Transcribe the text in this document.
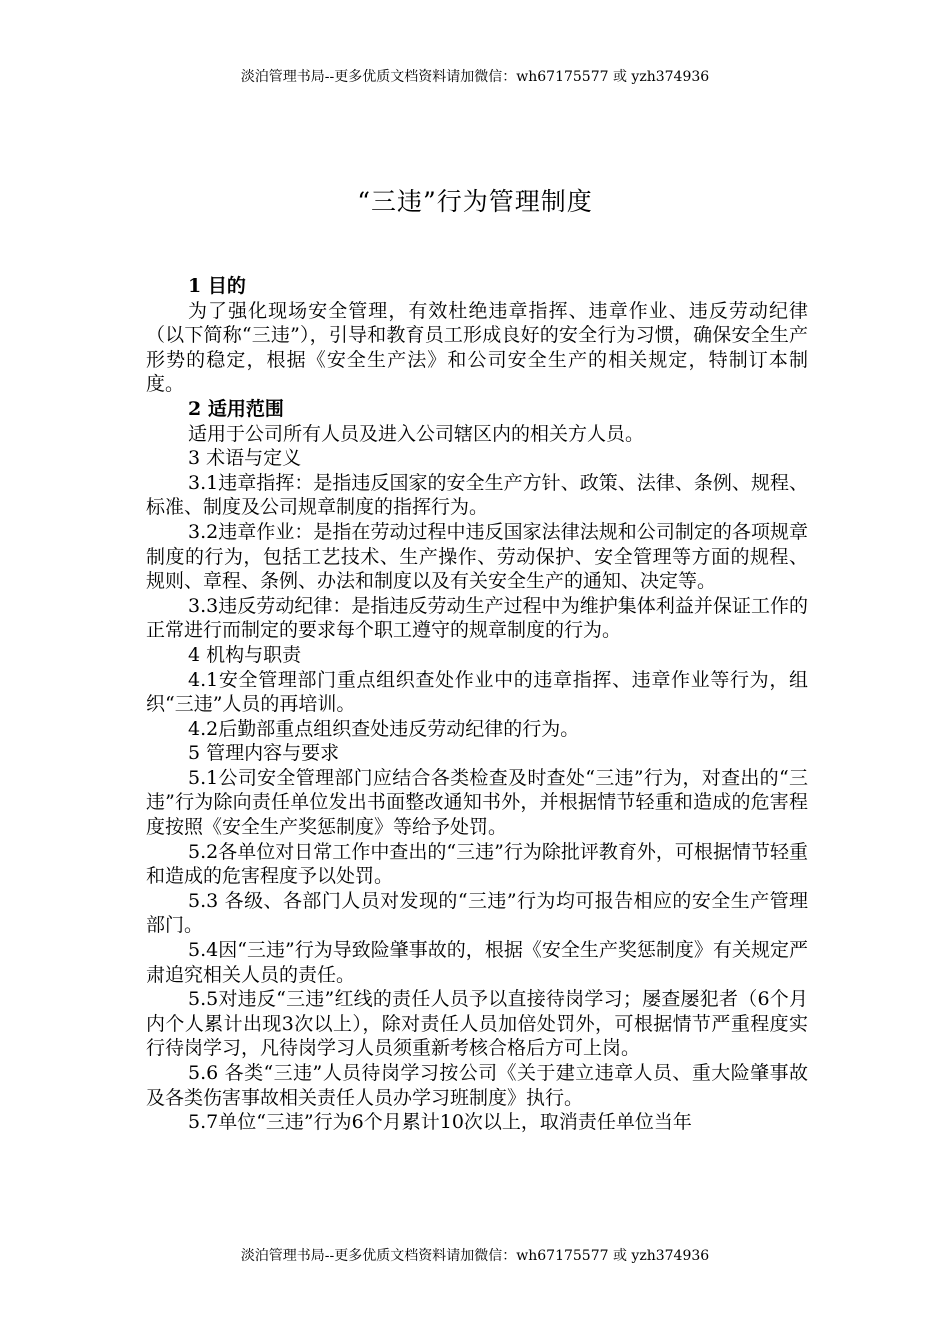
淡泊管理书局--更多优质文档资料请加微信：wh67175577 或 yzh374936
“三违”行为管理制度

1 目的

为了强化现场安全管理，有效杜绝违章指挥、违章作业、违反劳动纪律（以下简称“三违”），引导和教育员工形成良好的安全行为习惯，确保安全生产形势的稳定，根据《安全生产法》和公司安全生产的相关规定，特制订本制度。

2 适用范围

适用于公司所有人员及进入公司辖区内的相关方人员。

3 术语与定义

3.1违章指挥：是指违反国家的安全生产方针、政策、法律、条例、规程、标准、制度及公司规章制度的指挥行为。

3.2违章作业：是指在劳动过程中违反国家法律法规和公司制定的各项规章制度的行为，包括工艺技术、生产操作、劳动保护、安全管理等方面的规程、规则、章程、条例、办法和制度以及有关安全生产的通知、决定等。

3.3违反劳动纪律：是指违反劳动生产过程中为维护集体利益并保证工作的正常进行而制定的要求每个职工遵守的规章制度的行为。

4 机构与职责

4.1安全管理部门重点组织查处作业中的违章指挥、违章作业等行为，组织“三违”人员的再培训。

4.2后勤部重点组织查处违反劳动纪律的行为。

5 管理内容与要求

5.1公司安全管理部门应结合各类检查及时查处“三违”行为，对查出的“三违”行为除向责任单位发出书面整改通知书外，并根据情节轻重和造成的危害程度按照《安全生产奖惩制度》等给予处罚。

5.2各单位对日常工作中查出的“三违”行为除批评教育外，可根据情节轻重和造成的危害程度予以处罚。

5.3 各级、各部门人员对发现的“三违”行为均可报告相应的安全生产管理部门。

5.4因“三违”行为导致险肇事故的，根据《安全生产奖惩制度》有关规定严肃追究相关人员的责任。

5.5对违反“三违”红线的责任人员予以直接待岗学习；屡查屡犯者（6个月内个人累计出现3次以上），除对责任人员加倍处罚外，可根据情节严重程度实行待岗学习，凡待岗学习人员须重新考核合格后方可上岗。

5.6 各类“三违”人员待岗学习按公司《关于建立违章人员、重大险肇事故及各类伤害事故相关责任人员办学习班制度》执行。

5.7单位“三违”行为6个月累计10次以上，取消责任单位当年

淡泊管理书局--更多优质文档资料请加微信：wh67175577 或 yzh374936
